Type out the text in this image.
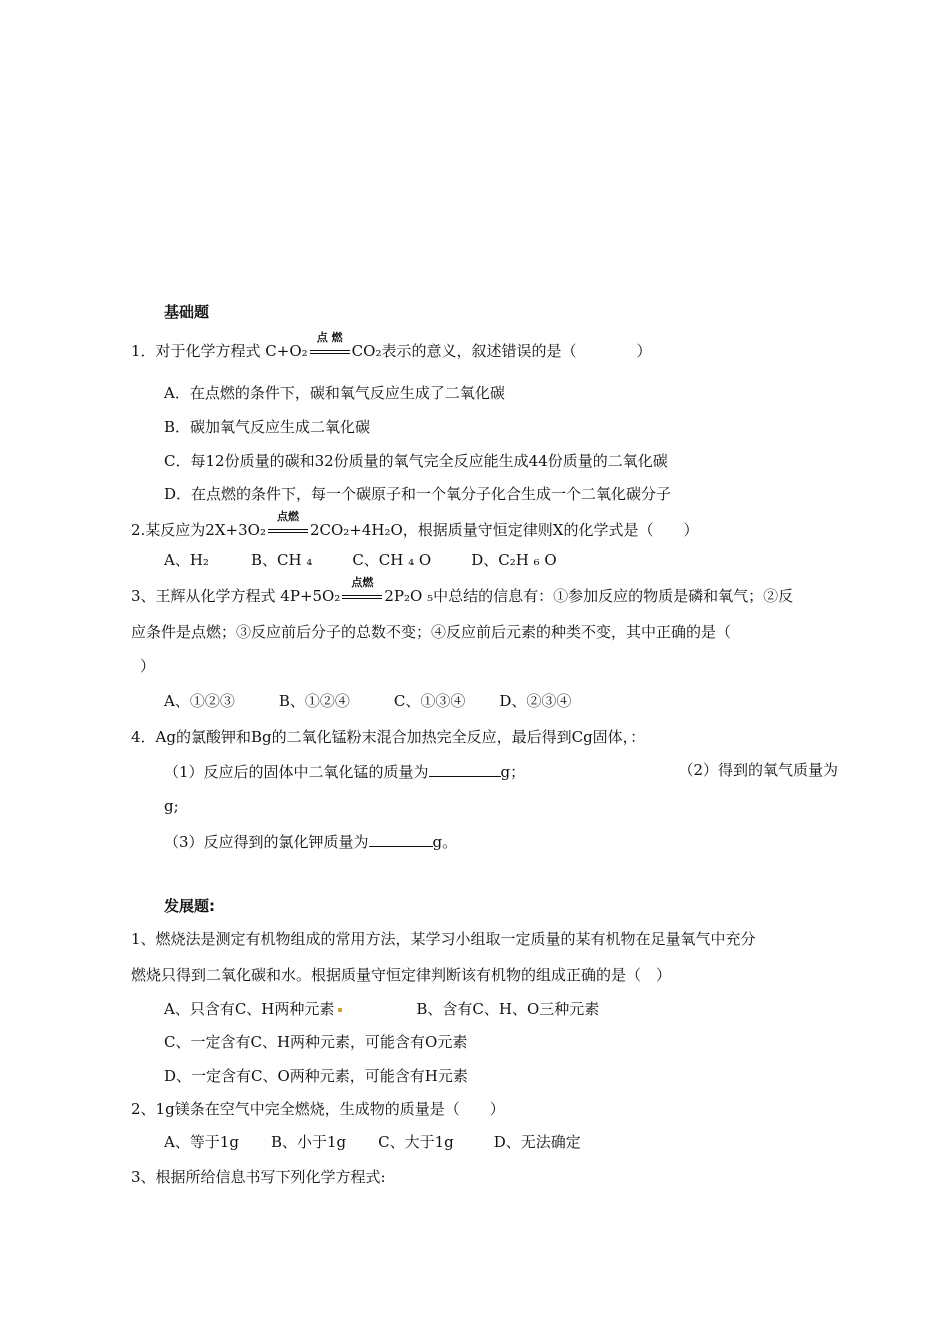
基础题
1．对于化学方程式 C+O₂
点 燃
CO₂表示的意义，叙述错误的是（　　　　）
A．在点燃的条件下，碳和氧气反应生成了二氧化碳
B．碳加氧气反应生成二氧化碳
C．每12份质量的碳和32份质量的氧气完全反应能生成44份质量的二氧化碳
D．在点燃的条件下，每一个碳原子和一个氧分子化合生成一个二氧化碳分子
2.某反应为2X+3O₂
点燃
2CO₂+4H₂O，根据质量守恒定律则X的化学式是（　　）
A、H₂	B、CH ₄	C、CH ₄ O	D、C₂H ₆ O
3、王辉从化学方程式 4P+5O₂
点燃
2P₂O ₅中总结的信息有：①参加反应的物质是磷和氧气；②反
应条件是点燃；③反应前后分子的总数不变；④反应前后元素的种类不变，其中正确的是（
）
A、①②③	B、①②④	C、①③④ D、②③④
4．Ag的氯酸钾和Bg的二氧化锰粉末混合加热完全反应，最后得到Cg固体，：
（1）反应后的固体中二氧化锰的质量为	g；	（2）得到的氧气质量为
g;
（3）反应得到的氯化钾质量为	g。
发展题:
1、燃烧法是测定有机物组成的常用方法，某学习小组取一定质量的某有机物在足量氧气中充分
燃烧只得到二氧化碳和水。根据质量守恒定律判断该有机物的组成正确的是（　）
A、只含有C、H两种元素	B、含有C、H、O三种元素
C、一定含有C、H两种元素，可能含有O元素
D、一定含有C、O两种元素，可能含有H元素
2、1g镁条在空气中完全燃烧，生成物的质量是（　　）
A、等于1g B、小于1g C、大于1g	D、无法确定
3、根据所给信息书写下列化学方程式:
